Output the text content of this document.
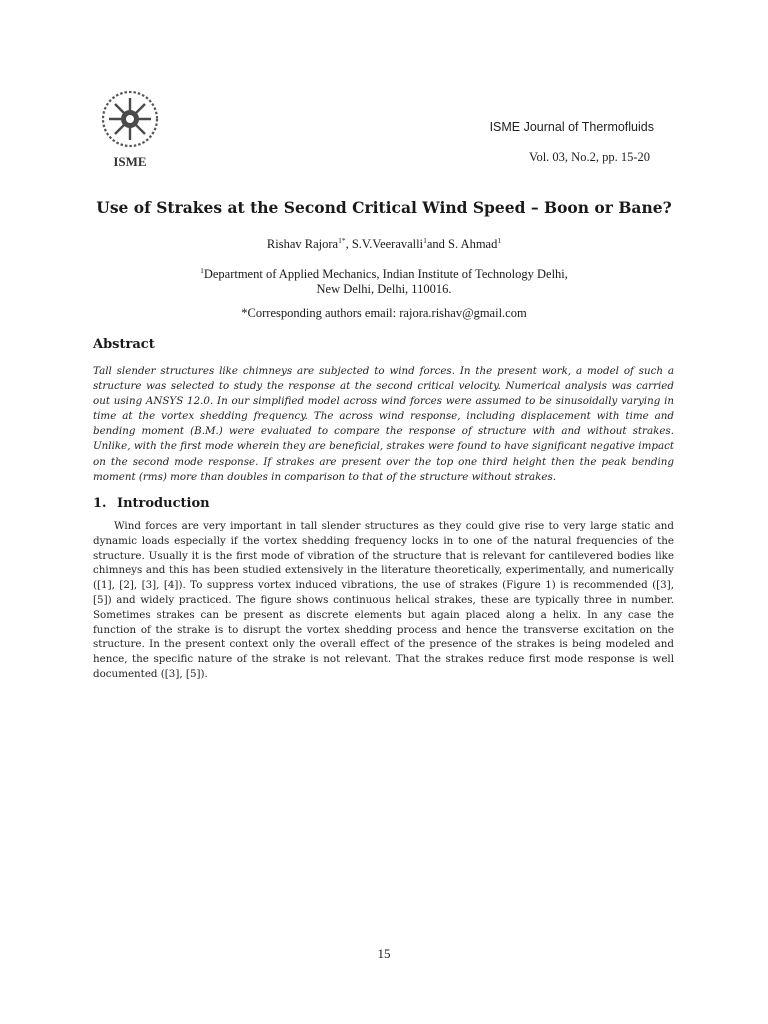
ISME
ISME Journal of Thermofluids
Vol. 03, No.2, pp. 15-20
Use of Strakes at the Second Critical Wind Speed – Boon or Bane?
Rishav Rajora$^{1*}$, S.V.Veeravalli$^1$and S. Ahmad$^1$
$^1$Department of Applied Mechanics, Indian Institute of Technology Delhi,
New Delhi, Delhi, 110016.
*Corresponding authors email: rajora.rishav@gmail.com
Abstract
Tall slender structures like chimneys are subjected to wind forces. In the present work, a model of such a structure was selected to study the response at the second critical velocity. Numerical analysis was carried out using ANSYS 12.0. In our simplified model across wind forces were assumed to be sinusoidally varying in time at the vortex shedding frequency. The across wind response, including displacement with time and bending moment (B.M.) were evaluated to compare the response of structure with and without strakes. Unlike, with the first mode wherein they are beneficial, strakes were found to have significant negative impact on the second mode response. If strakes are present over the top one third height then the peak bending moment (rms) more than doubles in comparison to that of the structure without strakes.
1. Introduction

Wind forces are very important in tall slender structures as they could give rise to very large static and dynamic loads especially if the vortex shedding frequency locks in to one of the natural frequencies of the structure. Usually it is the first mode of vibration of the structure that is relevant for cantilevered bodies like chimneys and this has been studied extensively in the literature theoretically, experimentally, and numerically ([1], [2], [3], [4]). To suppress vortex induced vibrations, the use of strakes (Figure 1) is recommended ([3], [5]) and widely practiced. The figure shows continuous helical strakes, these are typically three in number. Sometimes strakes can be present as discrete elements but again placed along a helix. In any case the function of the strake is to disrupt the vortex shedding process and hence the transverse excitation on the structure. In the present context only the overall effect of the presence of the strakes is being modeled and hence, the specific nature of the strake is not relevant. That the strakes reduce first mode response is well documented ([3], [5]).

15
